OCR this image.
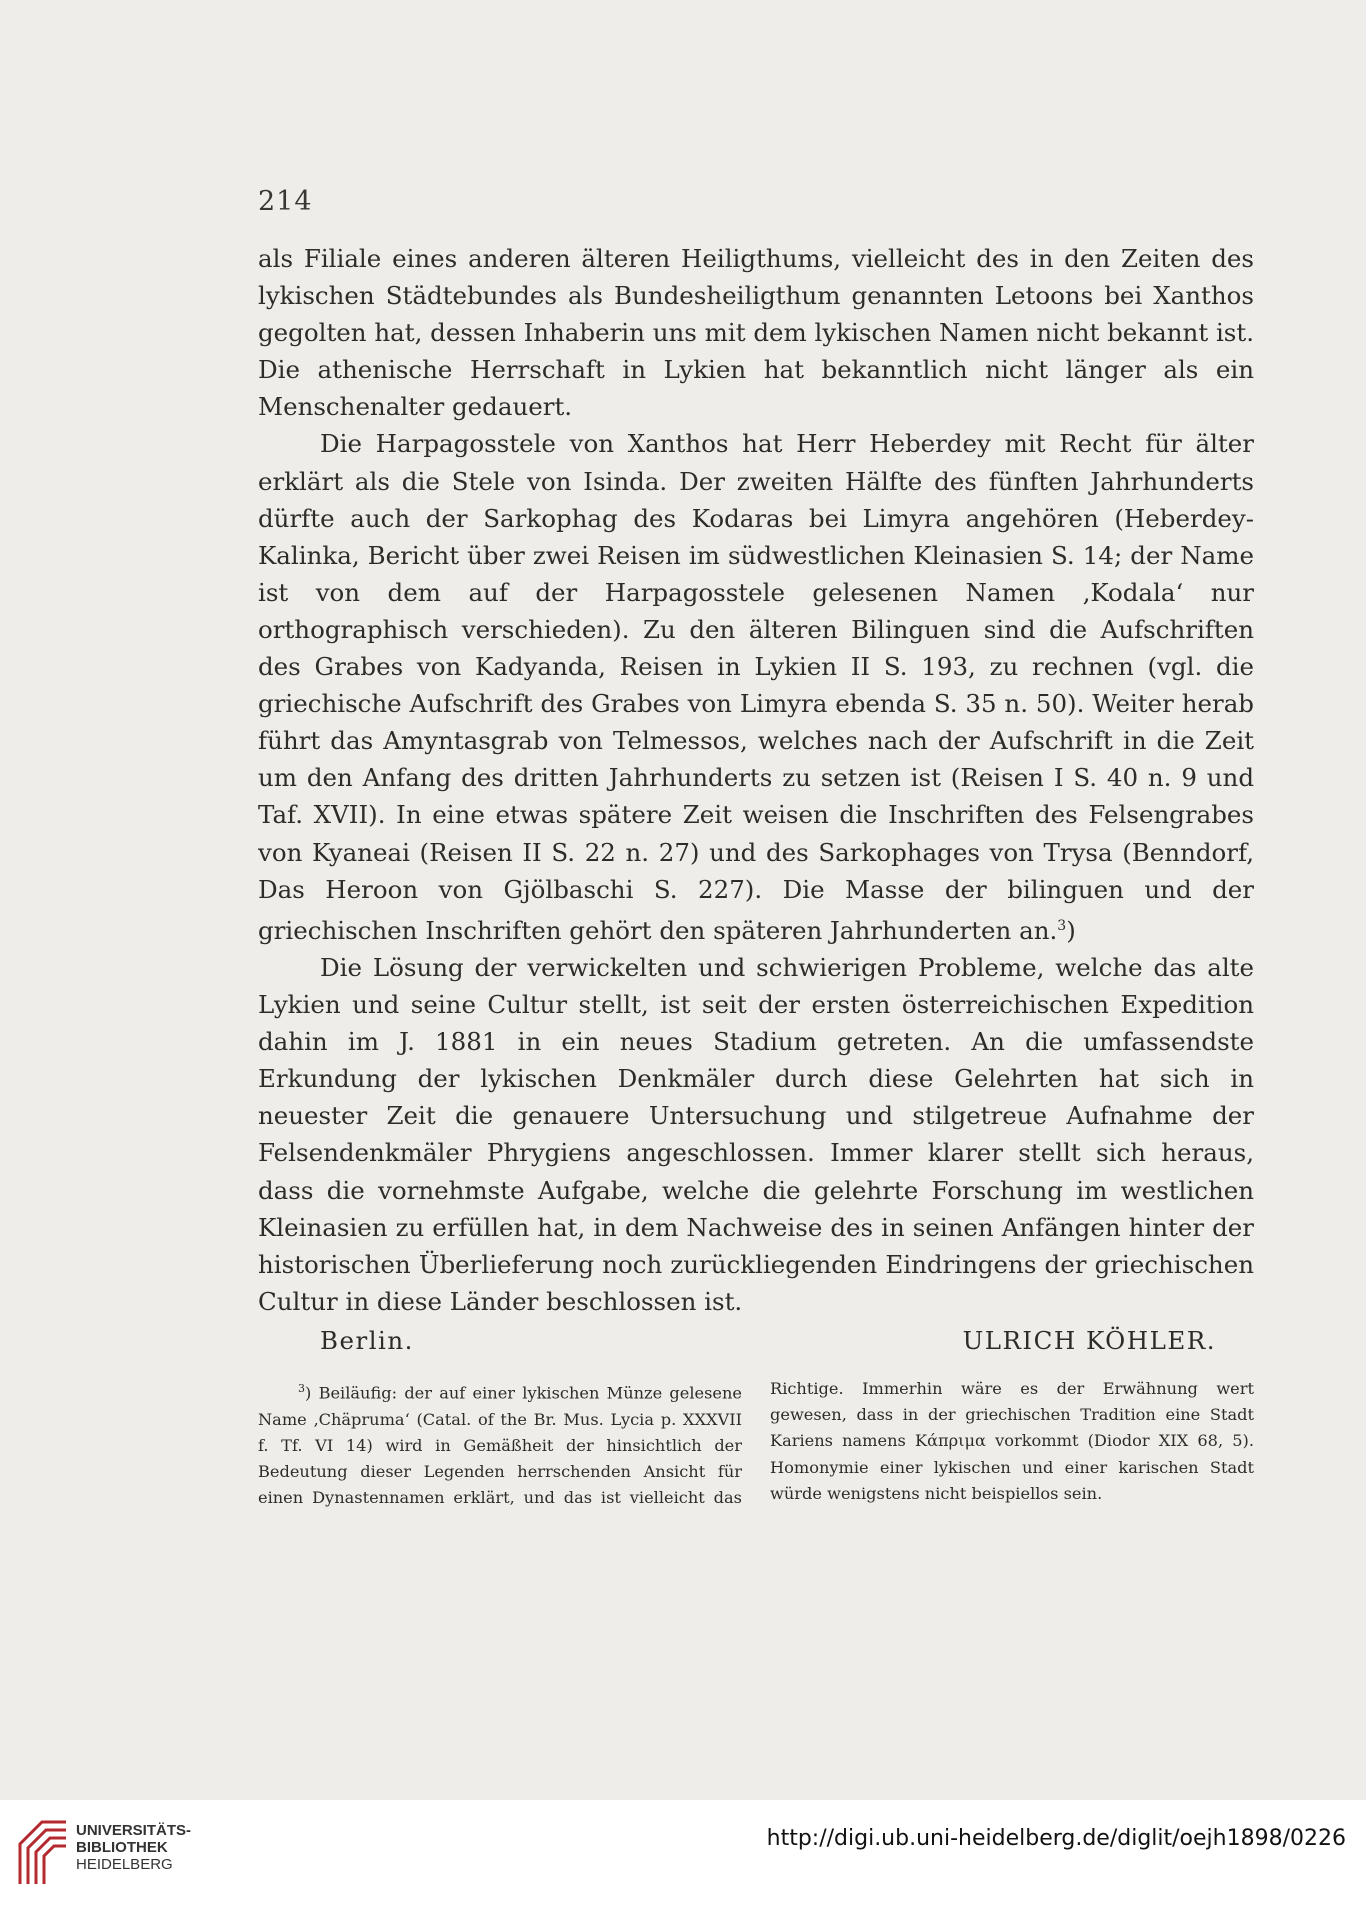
214

als Filiale eines anderen älteren Heiligthums, vielleicht des in den Zeiten des lykischen Städtebundes als Bundesheiligthum genannten Letoons bei Xanthos gegolten hat, dessen Inhaberin uns mit dem lykischen Namen nicht bekannt ist. Die athenische Herrschaft in Lykien hat bekanntlich nicht länger als ein Menschenalter gedauert.

Die Harpagosstele von Xanthos hat Herr Heberdey mit Recht für älter erklärt als die Stele von Isinda. Der zweiten Hälfte des fünften Jahrhunderts dürfte auch der Sarkophag des Kodaras bei Limyra angehören (Heberdey-Kalinka, Bericht über zwei Reisen im südwestlichen Kleinasien S. 14; der Name ist von dem auf der Harpagosstele gelesenen Namen ‚Kodala‘ nur orthographisch verschieden). Zu den älteren Bilinguen sind die Aufschriften des Grabes von Kadyanda, Reisen in Lykien II S. 193, zu rechnen (vgl. die griechische Aufschrift des Grabes von Limyra ebenda S. 35 n. 50). Weiter herab führt das Amyntasgrab von Telmessos, welches nach der Aufschrift in die Zeit um den Anfang des dritten Jahrhunderts zu setzen ist (Reisen I S. 40 n. 9 und Taf. XVII). In eine etwas spätere Zeit weisen die Inschriften des Felsengrabes von Kyaneai (Reisen II S. 22 n. 27) und des Sarkophages von Trysa (Benndorf, Das Heroon von Gjölbaschi S. 227). Die Masse der bilinguen und der griechischen Inschriften gehört den späteren Jahrhunderten an.$^3$)

Die Lösung der verwickelten und schwierigen Probleme, welche das alte Lykien und seine Cultur stellt, ist seit der ersten österreichischen Expedition dahin im J. 1881 in ein neues Stadium getreten. An die umfassendste Erkundung der lykischen Denkmäler durch diese Gelehrten hat sich in neuester Zeit die genauere Untersuchung und stilgetreue Aufnahme der Felsendenkmäler Phrygiens angeschlossen. Immer klarer stellt sich heraus, dass die vornehmste Aufgabe, welche die gelehrte Forschung im westlichen Kleinasien zu erfüllen hat, in dem Nachweise des in seinen Anfängen hinter der historischen Überlieferung noch zurückliegenden Eindringens der griechischen Cultur in diese Länder beschlossen ist.

Berlin.	ULRICH KÖHLER.

$^3$) Beiläufig: der auf einer lykischen Münze gelesene Name ‚Chäpruma‘ (Catal. of the Br. Mus. Lycia p. XXXVII f. Tf. VI 14) wird in Gemäßheit der hinsichtlich der Bedeutung dieser Legenden herrschenden Ansicht für einen Dynastennamen erklärt, und das ist vielleicht das Richtige. Immerhin wäre es der Erwähnung wert gewesen, dass in der griechischen Tradition eine Stadt Kariens namens Κάπριμα vorkommt (Diodor XIX 68, 5). Homonymie einer lykischen und einer karischen Stadt würde wenigstens nicht beispiellos sein.

UNIVERSITÄTS-
BIBLIOTHEK
HEIDELBERG
http://digi.ub.uni-heidelberg.de/diglit/oejh1898/0226
